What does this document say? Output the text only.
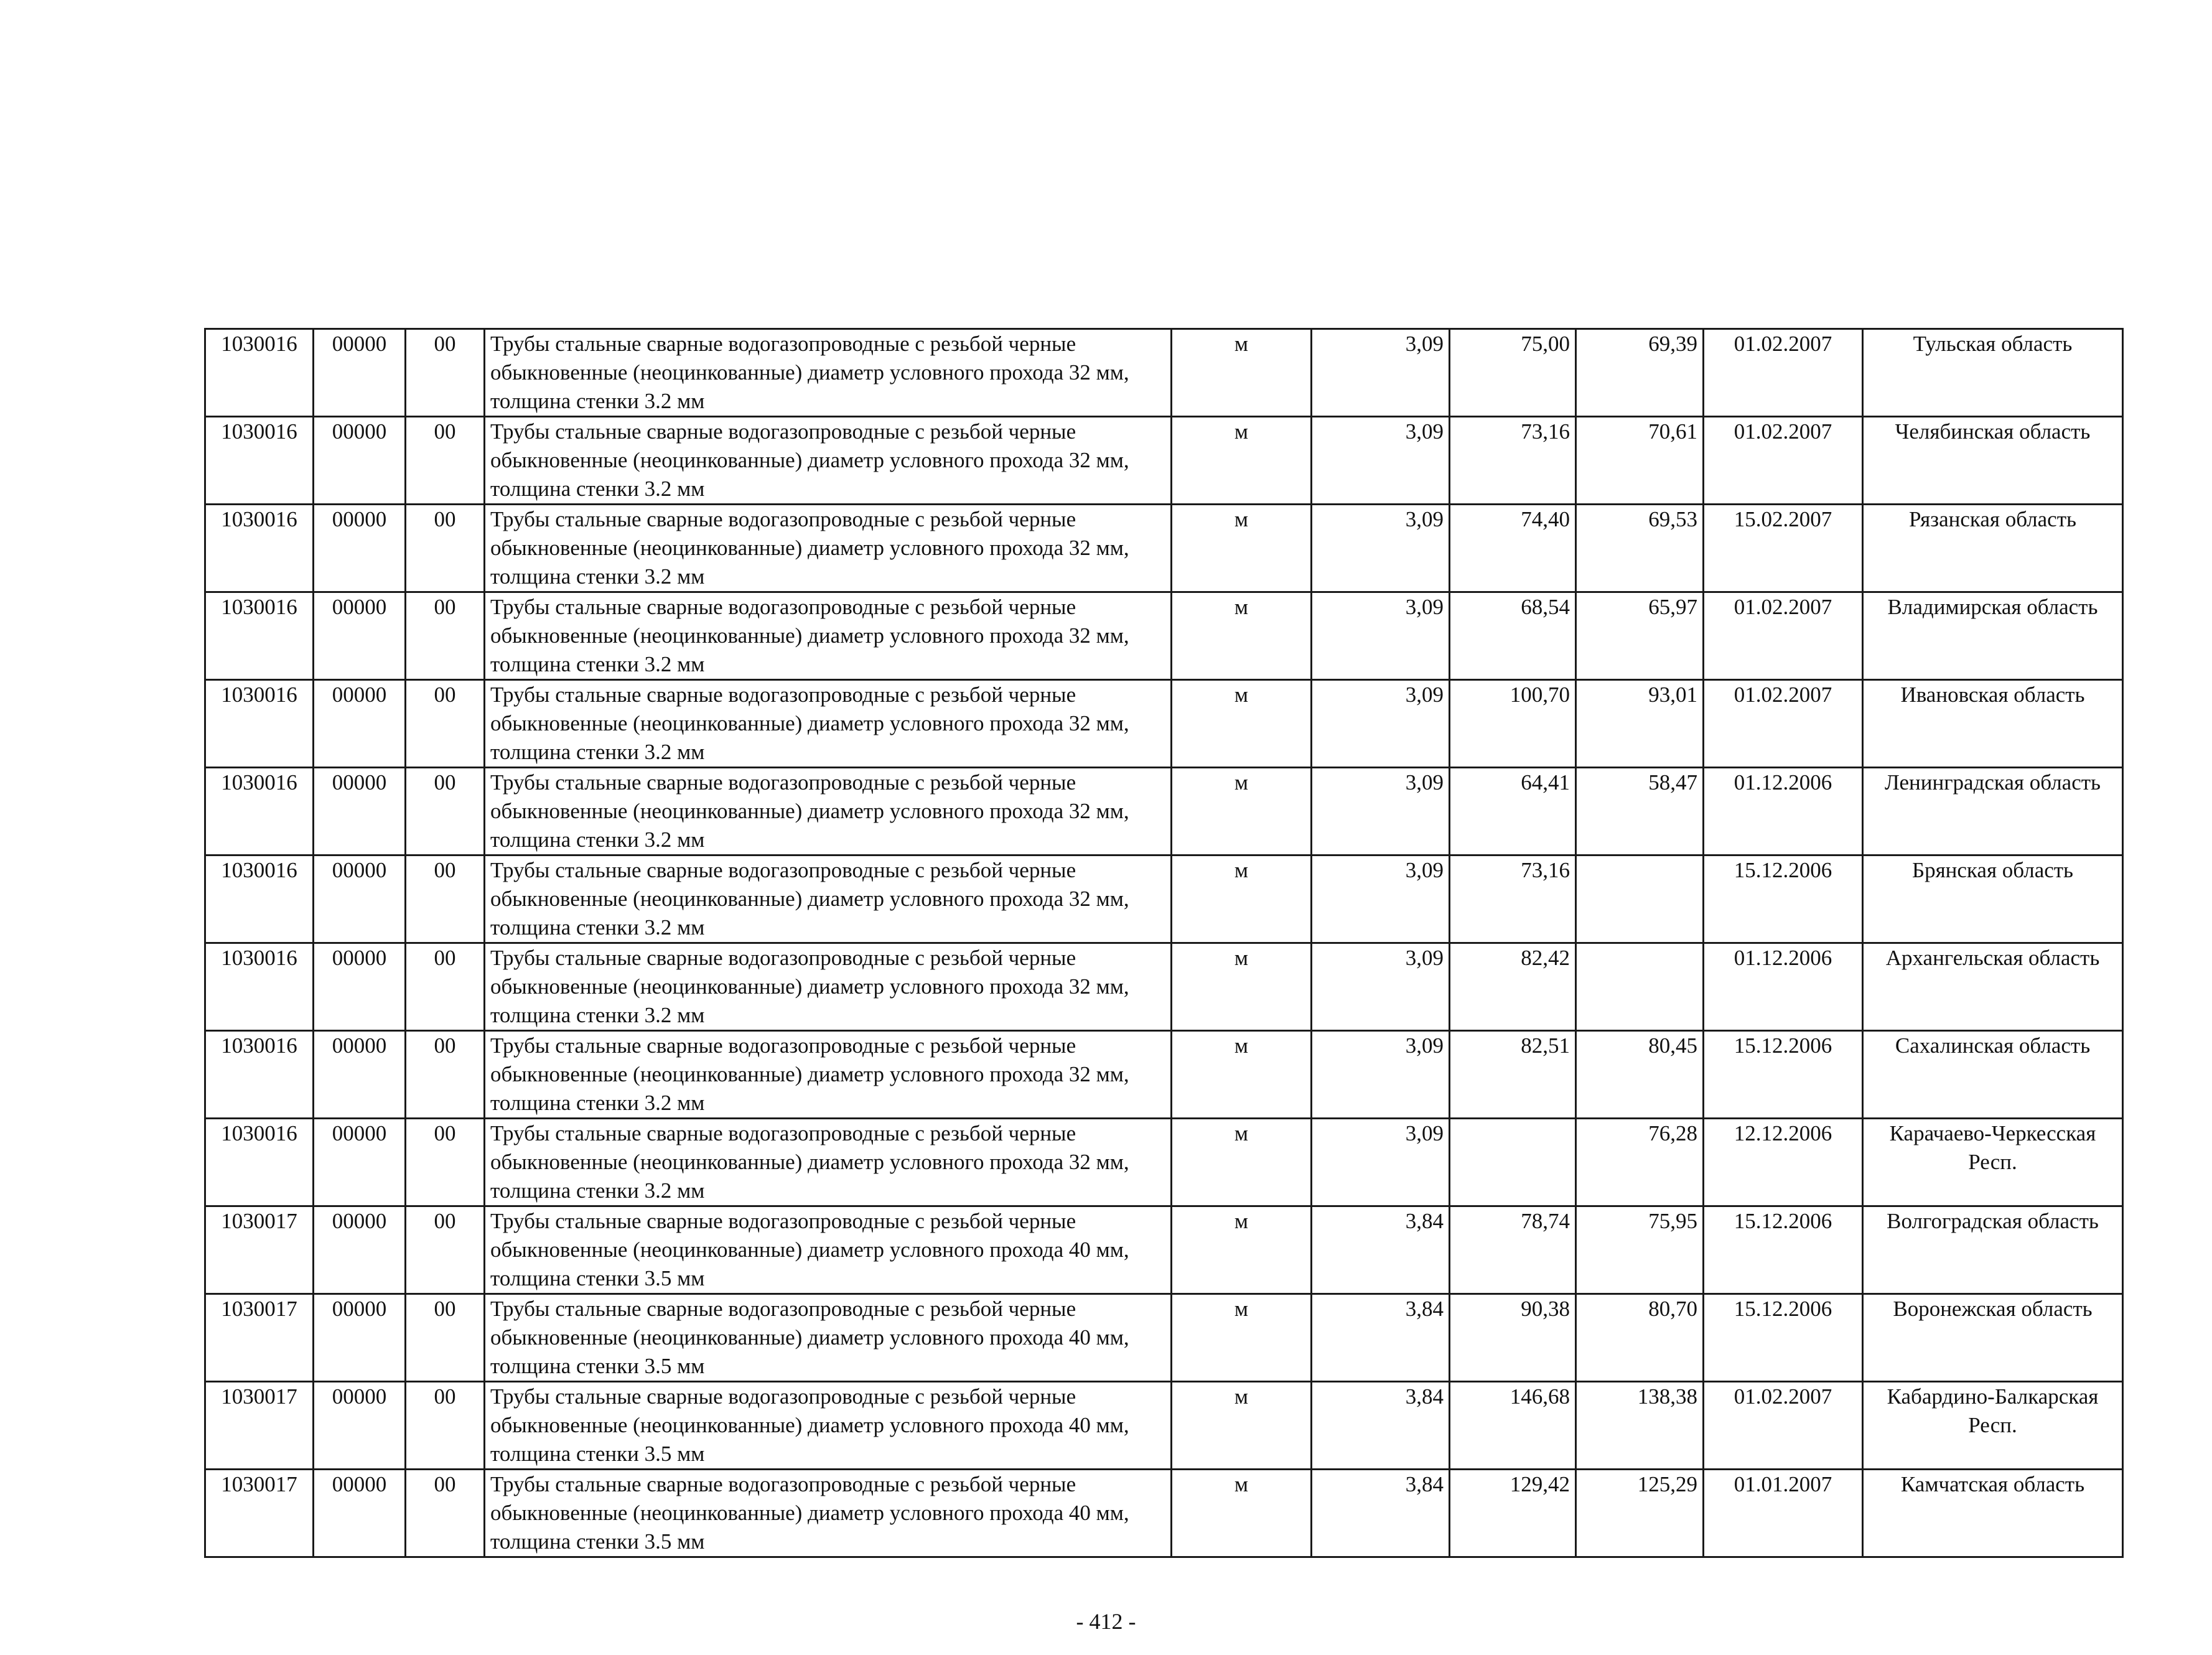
1030016	00000	00	Трубы стальные сварные водогазопроводные с резьбой черные обыкновенные (неоцинкованные) диаметр условного прохода 32 мм, толщина стенки 3.2 мм	м	3,09	75,00	69,39	01.02.2007	Тульская область
1030016	00000	00	Трубы стальные сварные водогазопроводные с резьбой черные обыкновенные (неоцинкованные) диаметр условного прохода 32 мм, толщина стенки 3.2 мм	м	3,09	73,16	70,61	01.02.2007	Челябинская область
1030016	00000	00	Трубы стальные сварные водогазопроводные с резьбой черные обыкновенные (неоцинкованные) диаметр условного прохода 32 мм, толщина стенки 3.2 мм	м	3,09	74,40	69,53	15.02.2007	Рязанская область
1030016	00000	00	Трубы стальные сварные водогазопроводные с резьбой черные обыкновенные (неоцинкованные) диаметр условного прохода 32 мм, толщина стенки 3.2 мм	м	3,09	68,54	65,97	01.02.2007	Владимирская область
1030016	00000	00	Трубы стальные сварные водогазопроводные с резьбой черные обыкновенные (неоцинкованные) диаметр условного прохода 32 мм, толщина стенки 3.2 мм	м	3,09	100,70	93,01	01.02.2007	Ивановская область
1030016	00000	00	Трубы стальные сварные водогазопроводные с резьбой черные обыкновенные (неоцинкованные) диаметр условного прохода 32 мм, толщина стенки 3.2 мм	м	3,09	64,41	58,47	01.12.2006	Ленинградская область
1030016	00000	00	Трубы стальные сварные водогазопроводные с резьбой черные обыкновенные (неоцинкованные) диаметр условного прохода 32 мм, толщина стенки 3.2 мм	м	3,09	73,16		15.12.2006	Брянская область
1030016	00000	00	Трубы стальные сварные водогазопроводные с резьбой черные обыкновенные (неоцинкованные) диаметр условного прохода 32 мм, толщина стенки 3.2 мм	м	3,09	82,42		01.12.2006	Архангельская область
1030016	00000	00	Трубы стальные сварные водогазопроводные с резьбой черные обыкновенные (неоцинкованные) диаметр условного прохода 32 мм, толщина стенки 3.2 мм	м	3,09	82,51	80,45	15.12.2006	Сахалинская область
1030016	00000	00	Трубы стальные сварные водогазопроводные с резьбой черные обыкновенные (неоцинкованные) диаметр условного прохода 32 мм, толщина стенки 3.2 мм	м	3,09		76,28	12.12.2006	Карачаево-Черкесская Респ.
1030017	00000	00	Трубы стальные сварные водогазопроводные с резьбой черные обыкновенные (неоцинкованные) диаметр условного прохода 40 мм, толщина стенки 3.5 мм	м	3,84	78,74	75,95	15.12.2006	Волгоградская область
1030017	00000	00	Трубы стальные сварные водогазопроводные с резьбой черные обыкновенные (неоцинкованные) диаметр условного прохода 40 мм, толщина стенки 3.5 мм	м	3,84	90,38	80,70	15.12.2006	Воронежская область
1030017	00000	00	Трубы стальные сварные водогазопроводные с резьбой черные обыкновенные (неоцинкованные) диаметр условного прохода 40 мм, толщина стенки 3.5 мм	м	3,84	146,68	138,38	01.02.2007	Кабардино-Балкарская Респ.
1030017	00000	00	Трубы стальные сварные водогазопроводные с резьбой черные обыкновенные (неоцинкованные) диаметр условного прохода 40 мм, толщина стенки 3.5 мм	м	3,84	129,42	125,29	01.01.2007	Камчатская область
- 412 -
